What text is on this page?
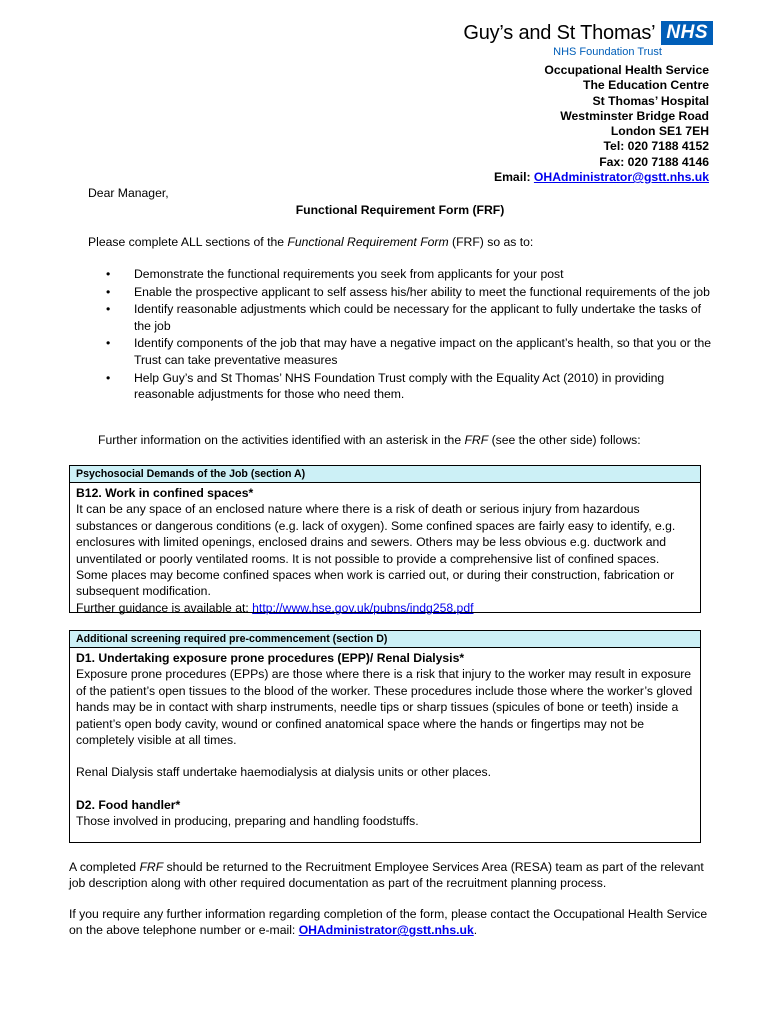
Guy’s and St Thomas’ NHS
NHS Foundation Trust
Occupational Health Service
The Education Centre
St Thomas’ Hospital
Westminster Bridge Road
London SE1 7EH
Tel: 020 7188 4152
Fax: 020 7188 4146
Email: OHAdministrator@gstt.nhs.uk
Dear Manager,
Functional Requirement Form (FRF)
Please complete ALL sections of the Functional Requirement Form (FRF) so as to:
• Demonstrate the functional requirements you seek from applicants for your post
• Enable the prospective applicant to self assess his/her ability to meet the functional requirements of the job
• Identify reasonable adjustments which could be necessary for the applicant to fully undertake the tasks of the job
• Identify components of the job that may have a negative impact on the applicant’s health, so that you or the Trust can take preventative measures
• Help Guy’s and St Thomas’ NHS Foundation Trust comply with the Equality Act (2010) in providing reasonable adjustments for those who need them.
Further information on the activities identified with an asterisk in the FRF (see the other side) follows:
Psychosocial Demands of the Job (section A)
B12. Work in confined spaces*
It can be any space of an enclosed nature where there is a risk of death or serious injury from hazardous substances or dangerous conditions (e.g. lack of oxygen). Some confined spaces are fairly easy to identify, e.g. enclosures with limited openings, enclosed drains and sewers. Others may be less obvious e.g. ductwork and unventilated or poorly ventilated rooms. It is not possible to provide a comprehensive list of confined spaces. Some places may become confined spaces when work is carried out, or during their construction, fabrication or subsequent modification.
Further guidance is available at: http://www.hse.gov.uk/pubns/indg258.pdf
Additional screening required pre-commencement (section D)
D1. Undertaking exposure prone procedures (EPP)/ Renal Dialysis*
Exposure prone procedures (EPPs) are those where there is a risk that injury to the worker may result in exposure of the patient’s open tissues to the blood of the worker. These procedures include those where the worker’s gloved hands may be in contact with sharp instruments, needle tips or sharp tissues (spicules of bone or teeth) inside a patient’s open body cavity, wound or confined anatomical space where the hands or fingertips may not be completely visible at all times.
Renal Dialysis staff undertake haemodialysis at dialysis units or other places.
D2. Food handler*
Those involved in producing, preparing and handling foodstuffs.
A completed FRF should be returned to the Recruitment Employee Services Area (RESA) team as part of the relevant job description along with other required documentation as part of the recruitment planning process.
If you require any further information regarding completion of the form, please contact the Occupational Health Service on the above telephone number or e-mail: OHAdministrator@gstt.nhs.uk.
